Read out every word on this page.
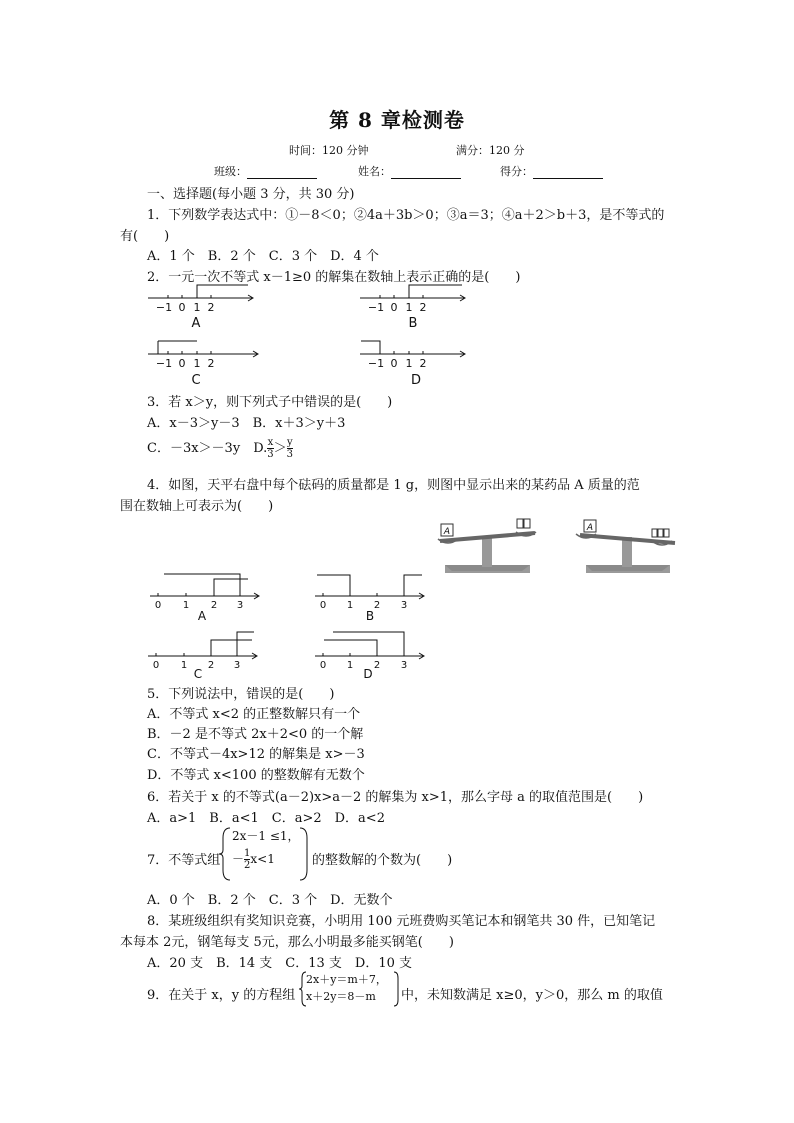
第 8 章检测卷
时间：120 分钟	满分：120 分
班级：	姓名：	得分：
一、选择题(每小题 3 分，共 30 分)
1．下列数学表达式中：①－8＜0；②4a＋3b＞0；③a＝3；④a＋2＞b＋3，是不等式的
有(　　)
A．1 个　B．2 个　C．3 个　D．4 个
2．一元一次不等式 x－1≥0 的解集在数轴上表示正确的是(　　)
−1 0 1 2	−1 0 1 2
−1 0 1 2	−1 0 1 2
A	B
C	D
3．若 x＞y，则下列式子中错误的是(　　)
A．x－3＞y－3　 B．x＋3＞y＋3
C．－3x＞－3y　 D. $\frac{x}{3} > \frac{y}{3}$
4．如图，天平右盘中每个砝码的质量都是 1 g，则图中显示出来的某药品 A 质量的范
围在数轴上可表示为(　　)
A	A
0 1 2 3	0 1 2 3
0 1 2 3	0 1 2 3
A	B
C	D
5．下列说法中，错误的是(　　)
A．不等式 x<2 的正整数解只有一个
B．－2 是不等式 2x＋2<0 的一个解
C．不等式－4x>12 的解集是 x>－3
D．不等式 x<100 的整数解有无数个
6．若关于 x 的不等式(a－2)x>a－2 的解集为 x>1，那么字母 a 的取值范围是(　　)
A．a>1　B．a<1　C．a>2　D．a<2
7．不等式组
2x－1 ≤1，
－ $\frac{1}{2} x<1$	的整数解的个数为(　　)
A．0 个　B．2 个　C．3 个　D．无数个
8．某班级组织有奖知识竞赛，小明用 100 元班费购买笔记本和钢笔共 30 件，已知笔记
本每本 2元，钢笔每支 5元，那么小明最多能买钢笔(　　)
A．20 支　B．14 支　C．13 支　D．10 支
9．在关于 x，y 的方程组
2x＋y＝m＋7，
x＋2y＝8－m 中，未知数满足 x≥0，y＞0，那么 m 的取值
